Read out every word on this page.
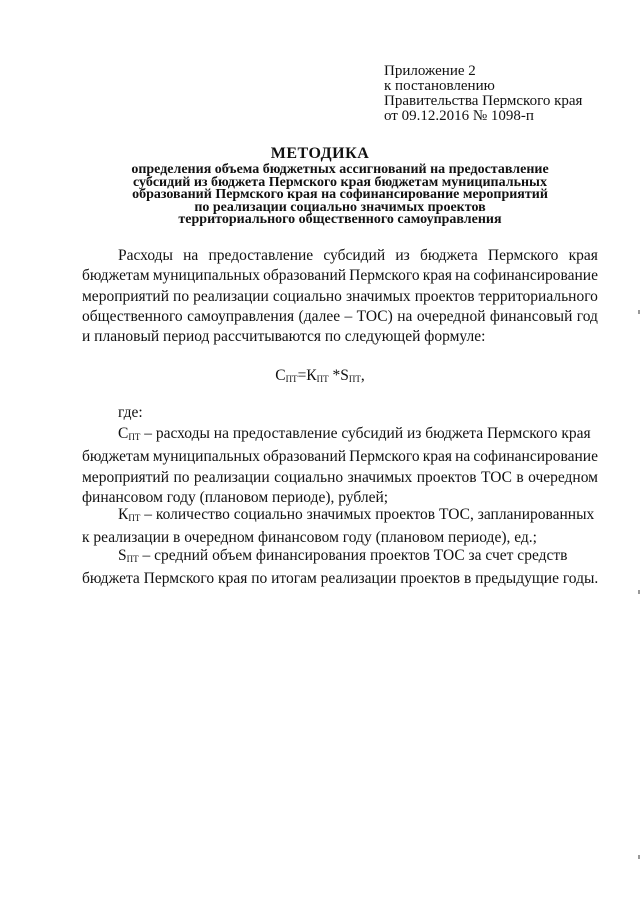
Приложение 2
к постановлению
Правительства Пермского края
от 09.12.2016 № 1098-п
МЕТОДИКА
определения объема бюджетных ассигнований на предоставление
субсидий из бюджета Пермского края бюджетам муниципальных
образований Пермского края на софинансирование мероприятий
по реализации социально значимых проектов
территориального общественного самоуправления
Расходы на предоставление субсидий из бюджета Пермского края
бюджетам муниципальных образований Пермского края на софинансирование
мероприятий по реализации социально значимых проектов территориального
общественного самоуправления (далее – ТОС) на очередной финансовый год
и плановый период рассчитываются по следующей формуле:
$С_{ПТ}=К_{ПТ}$ $*S_{ПТ}$,
где:
$С_{ПТ}$ – расходы на предоставление субсидий из бюджета Пермского края
бюджетам муниципальных образований Пермского края на софинансирование
мероприятий по реализации социально значимых проектов ТОС в очередном
финансовом году (плановом периоде), рублей;
$К_{ПТ}$ – количество социально значимых проектов ТОС, запланированных
к реализации в очередном финансовом году (плановом периоде), ед.;
$S_{ПТ}$ – средний объем финансирования проектов ТОС за счет средств
бюджета Пермского края по итогам реализации проектов в предыдущие годы.
